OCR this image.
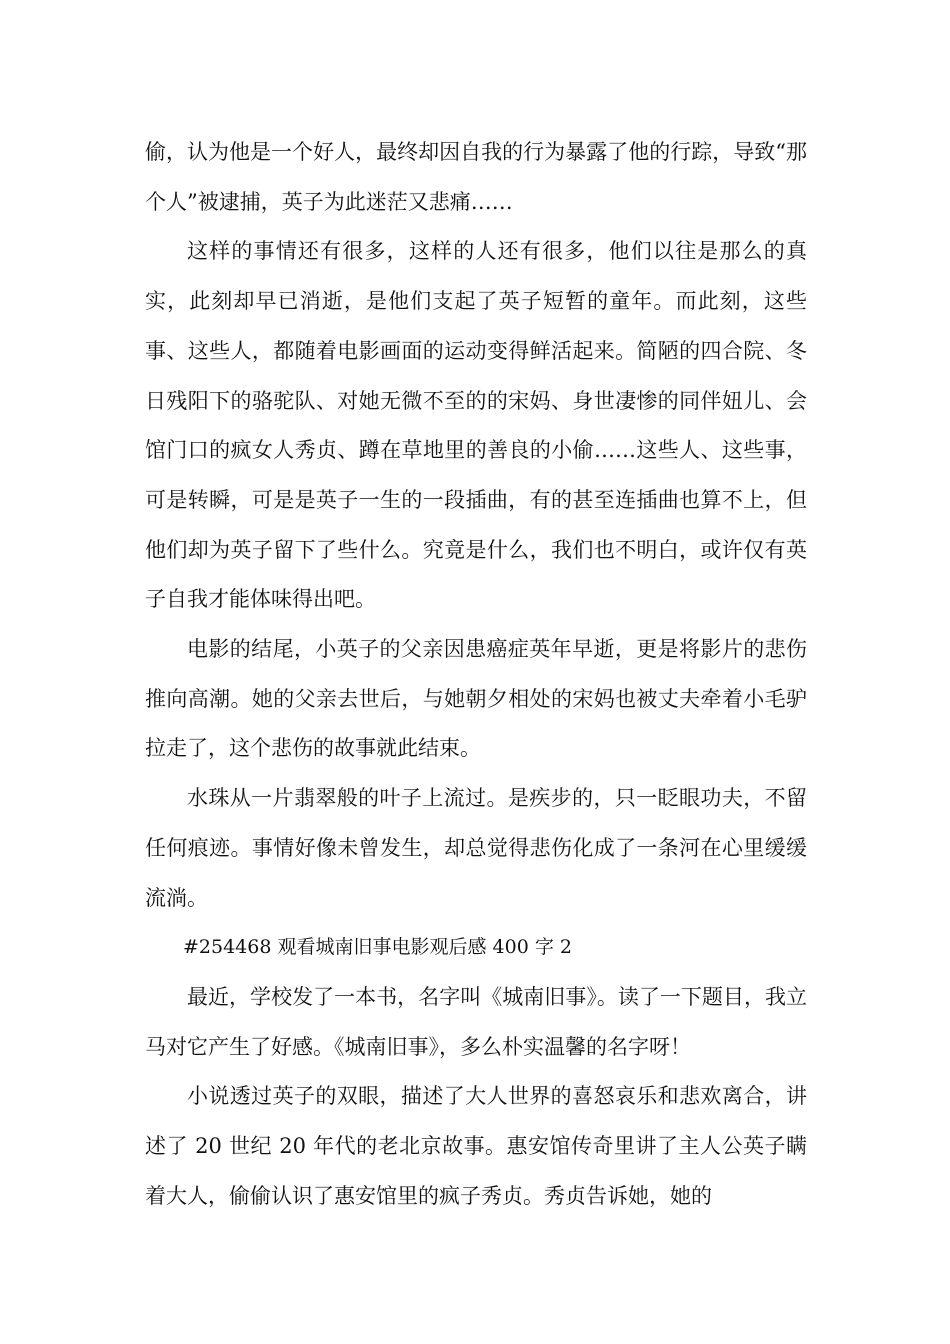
偷，认为他是一个好人，最终却因自我的行为暴露了他的行踪，导致“那个人”被逮捕，英子为此迷茫又悲痛……

这样的事情还有很多，这样的人还有很多，他们以往是那么的真实，此刻却早已消逝，是他们支起了英子短暂的童年。而此刻，这些事、这些人，都随着电影画面的运动变得鲜活起来。简陋的四合院、冬日残阳下的骆驼队、对她无微不至的的宋妈、身世凄惨的同伴妞儿、会馆门口的疯女人秀贞、蹲在草地里的善良的小偷……这些人、这些事，可是转瞬，可是是英子一生的一段插曲，有的甚至连插曲也算不上，但他们却为英子留下了些什么。究竟是什么，我们也不明白，或许仅有英子自我才能体味得出吧。

电影的结尾，小英子的父亲因患癌症英年早逝，更是将影片的悲伤推向高潮。她的父亲去世后，与她朝夕相处的宋妈也被丈夫牵着小毛驴拉走了，这个悲伤的故事就此结束。

水珠从一片翡翠般的叶子上流过。是疾步的，只一眨眼功夫，不留任何痕迹。事情好像未曾发生，却总觉得悲伤化成了一条河在心里缓缓流淌。

#254468 观看城南旧事电影观后感 400 字 2

最近，学校发了一本书，名字叫《城南旧事》。读了一下题目，我立马对它产生了好感。《城南旧事》，多么朴实温馨的名字呀！

小说透过英子的双眼，描述了大人世界的喜怒哀乐和悲欢离合，讲述了 20 世纪 20 年代的老北京故事。惠安馆传奇里讲了主人公英子瞒着大人，偷偷认识了惠安馆里的疯子秀贞。秀贞告诉她，她的
